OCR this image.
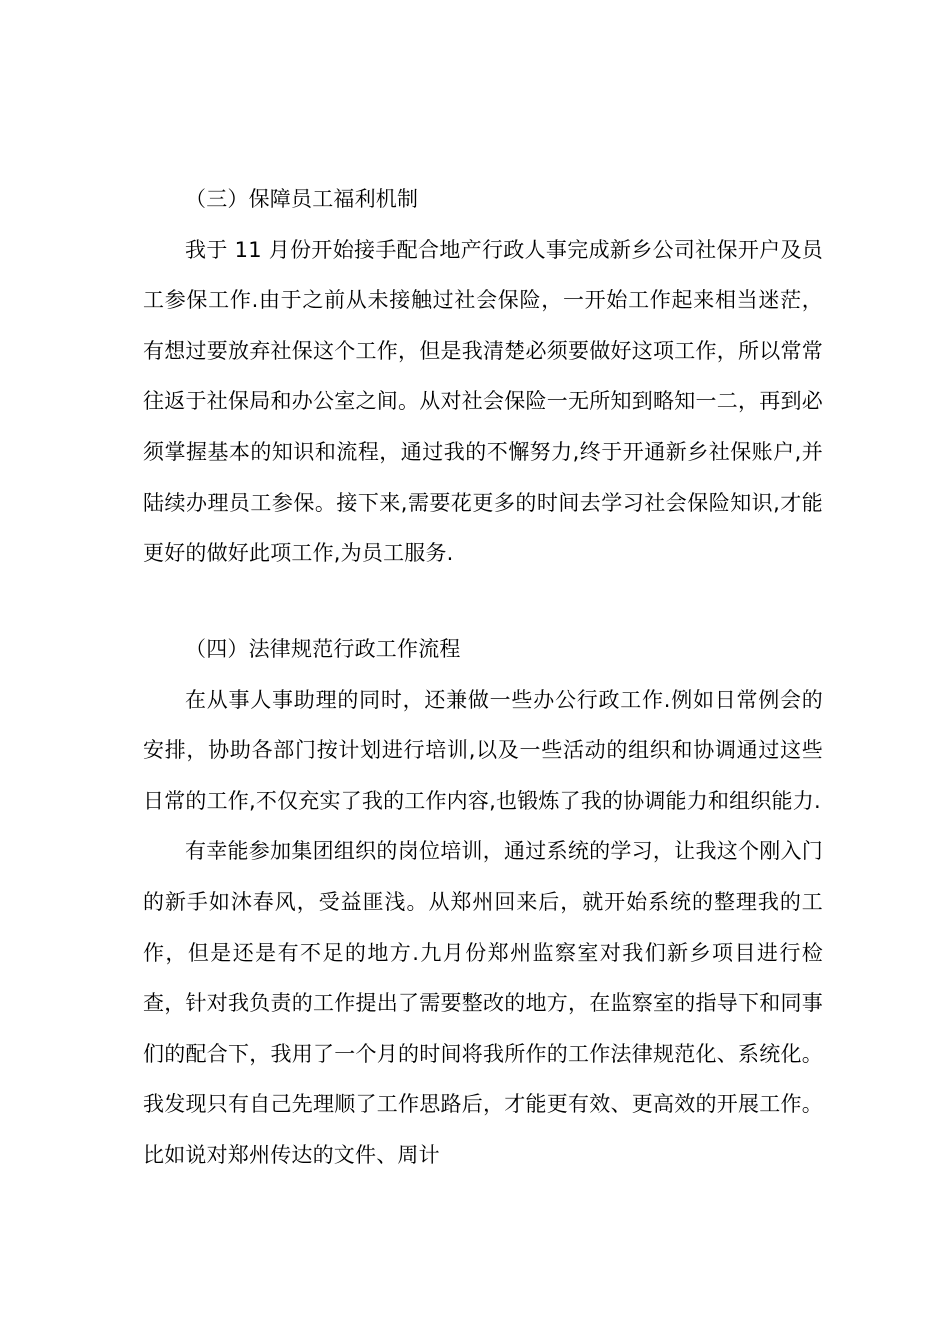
（三）保障员工福利机制

我于 11 月份开始接手配合地产行政人事完成新乡公司社保开户及员工参保工作.由于之前从未接触过社会保险，一开始工作起来相当迷茫，有想过要放弃社保这个工作，但是我清楚必须要做好这项工作，所以常常往返于社保局和办公室之间。从对社会保险一无所知到略知一二，再到必须掌握基本的知识和流程，通过我的不懈努力,终于开通新乡社保账户,并陆续办理员工参保。接下来,需要花更多的时间去学习社会保险知识,才能更好的做好此项工作,为员工服务.

（四）法律规范行政工作流程

在从事人事助理的同时，还兼做一些办公行政工作.例如日常例会的安排，协助各部门按计划进行培训,以及一些活动的组织和协调通过这些日常的工作,不仅充实了我的工作内容,也锻炼了我的协调能力和组织能力.

有幸能参加集团组织的岗位培训，通过系统的学习，让我这个刚入门的新手如沐春风，受益匪浅。从郑州回来后，就开始系统的整理我的工作，但是还是有不足的地方.九月份郑州监察室对我们新乡项目进行检查，针对我负责的工作提出了需要整改的地方，在监察室的指导下和同事们的配合下，我用了一个月的时间将我所作的工作法律规范化、系统化。我发现只有自己先理顺了工作思路后，才能更有效、更高效的开展工作。比如说对郑州传达的文件、周计
